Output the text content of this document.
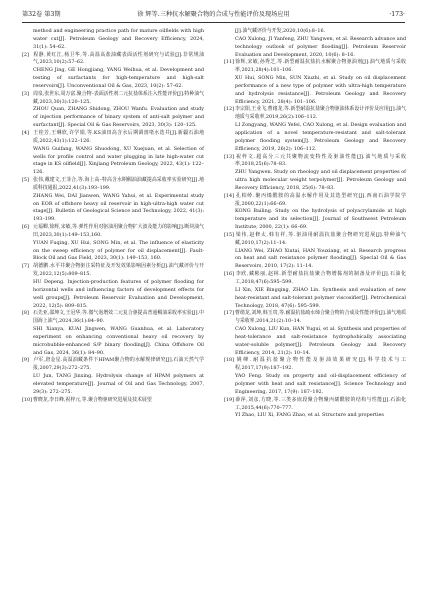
第32卷 第3期	徐 辉等.三种抗水解聚合物的合成与性能评价及现场应用	·173·

method and engineering practice path for mature oilfields with high water cut[J]. Petroleum Geology and Recovery Efficiency, 2024, 31(1): 54–62.

[2] 程静,黄红江,杨卫华,等.高温高盐油藏表面活性剂研究与试验[J].非常规油气,2023,10(2):57–62.

CHENG Jing, GE Hongjiang, YANG Weihua, et al. Development and testing of surfactants for high-temperature and high-salt reservoirs[J]. Unconventional Oil & Gas, 2023, 10(2): 57–62.

[3] 周泉,张世东,周万富.聚合物–表面活性剂二元抗盐体系注入性能评价[J].特种油气藏,2023,30(3):120–125.

ZHOU Quan, ZHANG Shidong, ZHOU Wanfu. Evaluation and study of injection performance of binary system of anti-salt polymer and surfactant[J]. Special Oil & Gas Reservoirs, 2023, 30(3): 120–125.

[4] 王桂芳,王琳欣,许学娟,等.KS油田高含水后期调剖堵水选井[J].新疆石油地质,2022,43(1):122–126.

WANG Guifang, WANG Shuodong, XU Xuejuan, et al. Selection of wells for profile control and water plugging in late high-water cut stage in KS oilfield[J]. Xinjiang Petroleum Geology, 2022, 43(1): 122–126.

[5] 张伟,戴建文,王菲合,等.海上高–特高含水期稠油油藏提高采收率实验研究[J].地质科技通报,2022,41(3):193–199.

ZHANG Wei, DAI Jianwen, WANG Yahui, et al. Experimental study on EOR of offshore heavy oil reservoir in high-ultra-high water cut stage[J]. Bulletin of Geological Science and Technology, 2022, 41(3): 193–199.

[6] 元福卿,徐辉,宋敏,等.弹性作用对驱油用聚合物扩大波及能力的影响[J].断块油气田,2023,30(1):149–153,160.

YUAN Fuqing, XU Hui, SONG Min, et al. The influence of elasticity on the sweep efficiency of polymer for oil displacement[J]. Fault-Block Oil and Gas Field, 2023, 30(1): 149–153, 160.

[7] 胡德鹏.水平井聚合物驱注采特征及开发效果影响因素分析[J].油气藏评价与开发,2022,12(5):809–815.

HU Depeng. Injection-production features of polymer flooding for horizontal wells and influencing factors of development effects for well groups[J]. Petroleum Reservoir Evaluation and Development, 2022, 12(5): 809–815.

[8] 石先亚,邵坤文,王冠华,等.微气泡增效二元复合驱提高普通稠油采收率实验[J].中国海上油气,2024,36(1):84–90.

SHI Xianya, KUAI Jingwen, WANG Guanhua, et al. Laboratory experiment on enhancing conventional heavy oil recovery by microbubble-enhanced S/P binary flooding[J]. China Offshore Oil and Gas, 2024, 36(1): 84–90.

[9] 卢军,唐金星.高温油藏条件下HPAM聚合物的水解规律研究[J].石油天然气学报,2007,29(3):272–275.

LU Jun, TANG Jinxing. Hydrolysis change of HPAM polymers at elevated temperature[J]. Journal of Oil and Gas Technology, 2007, 29(3): 272–275.

[10]曹晓龙,李日峰,祝梓元,等.聚合物驱研究进展及技术展望

[J].油气藏评价与开发,2020,10(6):8–16.

CAO Xulong, JI Yanfeng, ZHU Yangwen, et al. Research advance and technology outlook of polymer flooding[J]. Petroleum Reservoir Evaluation and Development, 2020, 10(6): 8–16.

[11]徐辉,宋敏,孙秀芝,等.新型耐温抗盐抗水解聚合物驱油剂[J].油气地质与采收率,2021,28(4):101–106.

XU Hui, SONG Min, SUN Xiuzhi, et al. Study on oil displacement performance of a new type of polymer with ultra-high temperature and hydrolysis resistance[J]. Petroleum Geology and Recovery Efficiency, 2021, 28(4): 101–106.

[12]李宗阳,王业飞,曹绪龙,等.新型耐温抗盐聚合物驱油体系设计评价及应用[J].油气地质与采收率,2019,26(2):106–112.

LI Zongyang, WANG Yefei, CAO Xulong, et al. Design evaluation and application of a novel temperature-resistant and salt-tolerant polymer flooding system[J]. Petroleum Geology and Recovery Efficiency, 2019, 26(2): 106–112.

[13]祝梓文.超高分三元共聚物流变特性及驱油性能[J].油气地质与采收率,2018,25(6):78–83.

ZHU Yangwen. Study on rheology and oil displacement properties of ultra high molecular weight terpolymer[J]. Petroleum Geology and Recovery Efficiency, 2018, 25(6): 78–83.

[14]孔柏岭.聚丙烯酰胺的高温水解作用及其选型研究[J].西南石油学院学报,2000,22(1):66–69.

KONG Bailing. Study on the hydrolysis of polyacrylamide at high temperature and its selection[J]. Journal of Southwest Petroleum Institute, 2000, 22(1): 66–69.

[15]梁伟,赵修太,韩有祥,等.驱油用耐温抗盐聚合物研究进展[J].特种油气藏,2010,17(2):11–14.

LIANG Wei, ZHAO Xiutai, HAN Youxiang, et al. Research progress on heat and salt resistance polymer flooding[J]. Special Oil & Gas Reservoirs, 2010, 17(2): 11–14.

[16]李欣,藏彬丽,赵林.新型耐盐抗盐聚合物增黏剂的制备及评价[J].石油化工,2018,47(6):595–599.

LI Xin, XIE Bingqing, ZHAO Lin. Synthesis and evaluation of new heat-resistant and salt-tolerant polymer viscosifier[J]. Petrochemical Technology, 2018, 47(6): 595–599.

[17]曹绪龙,刘坤,韩玉贵,等.耐温抗盐疏水缔合聚合物的合成及性能评价[J].油气地质与采收率,2014,21(2):10–14.

CAO Xulong, LIU Kun, HAN Yugui, et al. Synthesis and properties of heat-tolerance and salt-resistance hydrophobically associating water-soluble polymer[J]. Petroleum Geology and Recovery Efficiency, 2014, 21(2): 10–14.

[18]姚峰.耐温抗盐聚合物性能及驱油效果研究[J].科学技术与工程,2017,17(9):187–192.

YAO Feng. Study on property and oil-displacement efficiency of polymer with heat and salt resistance[J]. Science Technology and Engineering, 2017, 17(9): 187–192.

[19]薛萍,刘彦,方晓,等.三类多嵌段聚合物聚丙烯酰胺的结构与性能[J].石油化工,2015,44(6):770–777.

YI Zhao, LIU Xi, FANG Zhao, et al. Structure and properties
